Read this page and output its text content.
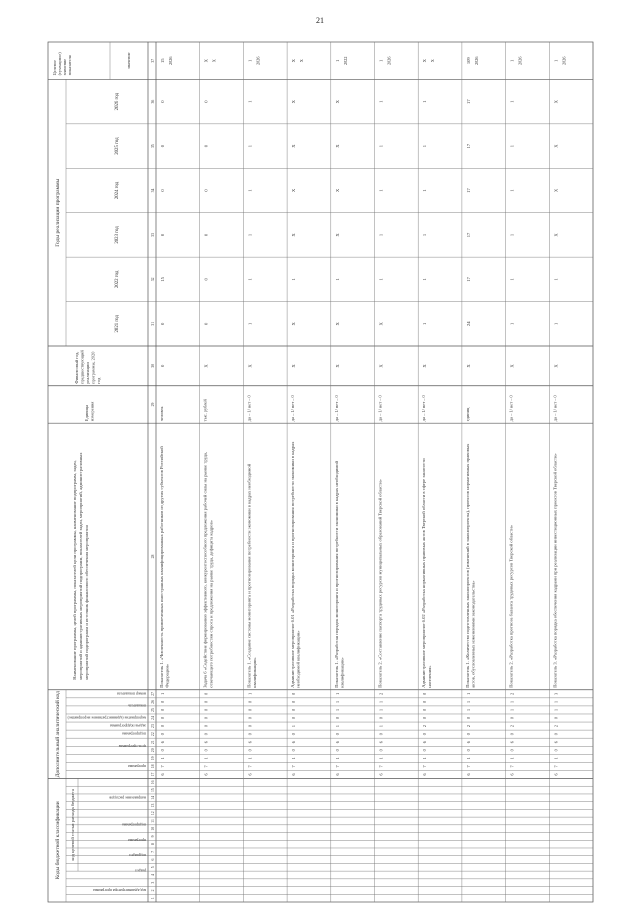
21
Коды бюджетной классификации код целевой статьи расхода бюджета
Дополнительный аналитический код
Годы реализации программы
Целевое(суммарное)значениепоказателя	значение
Наименование программы, целей программы, показателей цели программы, наименование подпрограмм, задач,мероприятий и административных мероприятий подпрограмм, показателей задач, мероприятий, административныхмероприятий подпрограмм и источник финансового обеспечения мероприятия
Единицаизмерения
Финансовый год,предшествующийреализациипрограммы, 2020год
код администратора программы
раздел
подраздел
программа
подпрограмма
направление расходов
программа
цель программы
подпрограмма
задача подпрограммы
мероприятие (административное мероприятие)
показатель
номер показателя
2021 год
2022 год
2023 год
2024 год
2025 год
2026 год
1
2
3
4
5
6
7
8
9
10
11
12
13
14
15
16
17
18
19
20
21
22
23
24
25
26
27
28
29
30
31
32
33
34
35
36
37
6
7
1
0
6
0
0
0
0
0
1
Показатель 1. «Численность привлеченных иностранных квалифицированных работников из других субъектов РоссийскойФедерации»
человек
0
0
15
0
0
0
0
15 2026
6
7
1
0
6
0
0
0
0
0
0
Задача 6 «Содействие формированию эффективного, конкурентоспособного предложения рабочей силы на рынке труда,отвечающего потребностям спроса и предложения на рынке труда, дефицита кадров»
тыс. рублей
X
0
0
0
0
0
0
X X
6
7
1
0
6
0
0
0
0
0
1
Показатель 1. «Создание системы мониторинга и прогнозирования потребности экономики в кадрах необходимойквалификации»
да – 1/ нет – 0
X
1
1
1
1
1
1
1 2026
6
7
1
0
6
0
1
0
0
0
0
Административное мероприятие 6.01 «Разработка порядка мониторинга и прогнозирования потребности экономики в кадрахнеобходимой квалификации»
да – 1/ нет – 0
X
X
1
X
X
X
X
X X
6
7
1
0
6
0
1
0
1
1
1
Показатель 1. «Разработан порядок мониторинга и прогнозирования потребности экономики в кадрах необходимойквалификации»
да – 1/ нет – 0
X
X
1
X
X
X
X
1 2022
6
7
1
0
6
0
1
0
1
1
2
Показатель 2. «Составление паспорта трудовых ресурсов муниципальных образований Тверской области»
да – 1/ нет – 0
X
X
1
1
1
1
1
1 2026
6
7
1
0
6
0
2
0
0
0
0
Административное мероприятие 6.02 «Разработка нормативных правовых актов Тверской области в сфере занятостинаселения»
да – 1/ нет – 0
X
1
1
1
1
1
1
X X
6
7
1
0
6
0
2
0
1
1
1
Показатель 1. «Количество подготовленных законопроектов (изменений в законопроекты), проектов нормативных правовыхактов, обусловленных изменениями законодательства»
единиц
X
24
17
17
17
17
17
109 2026
6
7
1
0
6
0
2
0
1
1
2
Показатель 2. «Разработка прогноза баланса трудовых ресурсов Тверской области»
да – 1/ нет – 0
X
1
1
1
1
1
1
1 2026
6
7
1
0
6
0
2
0
1
1
3
Показатель 3. «Разработка порядка обеспечения кадрами при реализации инвестиционных проектов Тверской области»
да – 1/ нет – 0
X
1
1
X
X
X
X
1 2026
